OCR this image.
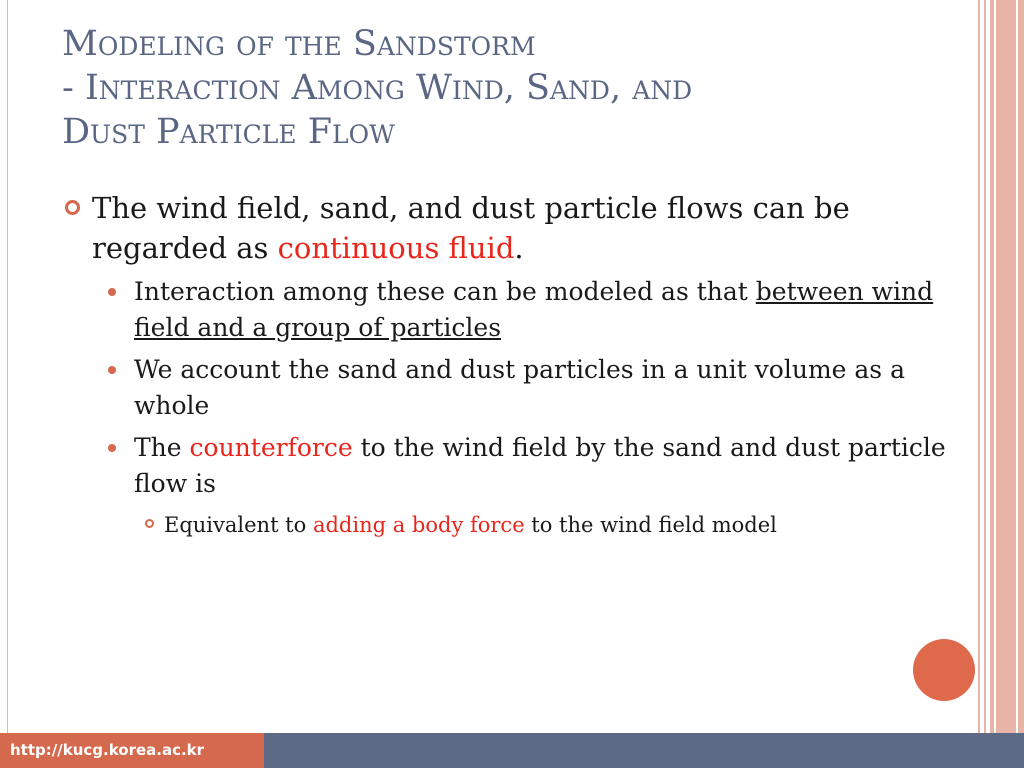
Modeling of the Sandstorm
- Interaction Among Wind, Sand, and
Dust Particle Flow
The wind field, sand, and dust particle flows can be regarded as continuous fluid.
Interaction among these can be modeled as that between wind field and a group of particles
We account the sand and dust particles in a unit volume as a whole
The counterforce to the wind field by the sand and dust particle flow is
Equivalent to adding a body force to the wind field model
http://kucg.korea.ac.kr
